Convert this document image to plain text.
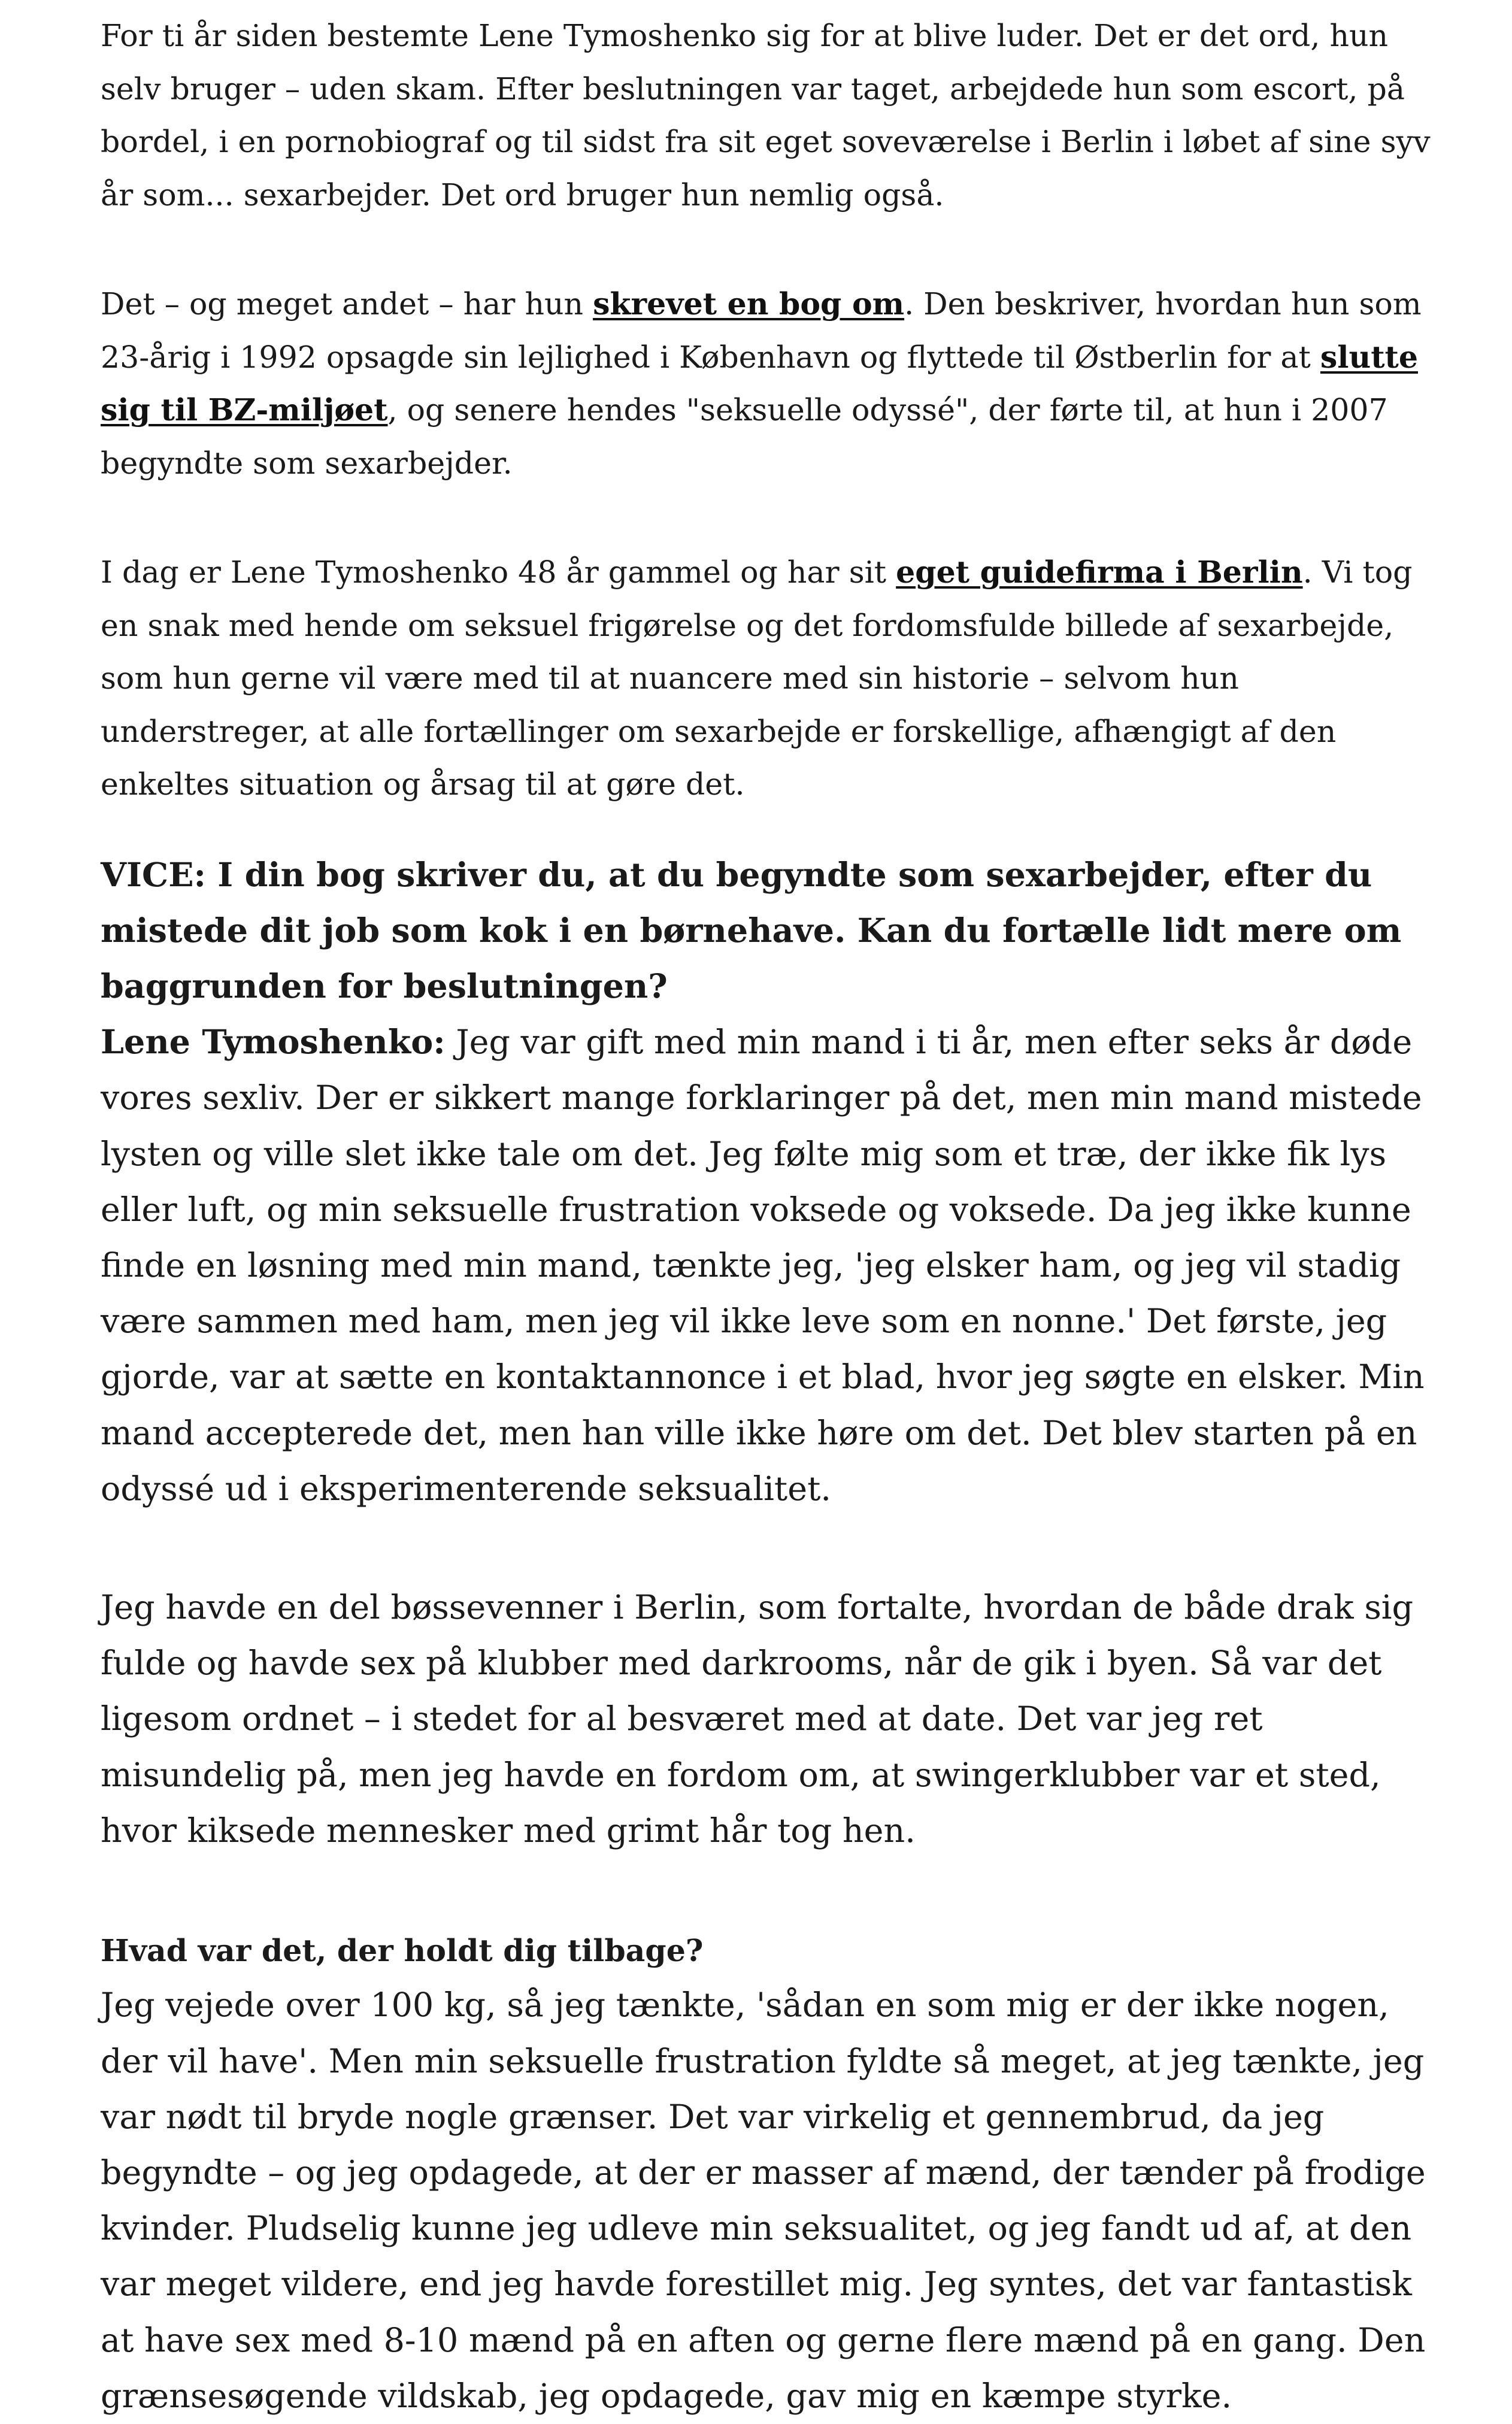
For ti år siden bestemte Lene Tymoshenko sig for at blive luder. Det er det ord, hun selv bruger – uden skam. Efter beslutningen var taget, arbejdede hun som escort, på bordel, i en pornobiograf og til sidst fra sit eget soveværelse i Berlin i løbet af sine syv år som... sexarbejder. Det ord bruger hun nemlig også.

Det – og meget andet – har hun skrevet en bog om. Den beskriver, hvordan hun som 23-årig i 1992 opsagde sin lejlighed i København og flyttede til Østberlin for at slutte sig til BZ-miljøet, og senere hendes "seksuelle odyssé", der førte til, at hun i 2007 begyndte som sexarbejder.

I dag er Lene Tymoshenko 48 år gammel og har sit eget guidefirma i Berlin. Vi tog en snak med hende om seksuel frigørelse og det fordomsfulde billede af sexarbejde, som hun gerne vil være med til at nuancere med sin historie – selvom hun understreger, at alle fortællinger om sexarbejde er forskellige, afhængigt af den enkeltes situation og årsag til at gøre det.

VICE: I din bog skriver du, at du begyndte som sexarbejder, efter du mistede dit job som kok i en børnehave. Kan du fortælle lidt mere om baggrunden for beslutningen?

Lene Tymoshenko: Jeg var gift med min mand i ti år, men efter seks år døde vores sexliv. Der er sikkert mange forklaringer på det, men min mand mistede lysten og ville slet ikke tale om det. Jeg følte mig som et træ, der ikke fik lys eller luft, og min seksuelle frustration voksede og voksede. Da jeg ikke kunne finde en løsning med min mand, tænkte jeg, 'jeg elsker ham, og jeg vil stadig være sammen med ham, men jeg vil ikke leve som en nonne.' Det første, jeg gjorde, var at sætte en kontaktannonce i et blad, hvor jeg søgte en elsker. Min mand accepterede det, men han ville ikke høre om det. Det blev starten på en odyssé ud i eksperimenterende seksualitet.

Jeg havde en del bøssevenner i Berlin, som fortalte, hvordan de både drak sig fulde og havde sex på klubber med darkrooms, når de gik i byen. Så var det ligesom ordnet – i stedet for al besværet med at date. Det var jeg ret misundelig på, men jeg havde en fordom om, at swingerklubber var et sted, hvor kiksede mennesker med grimt hår tog hen.

Hvad var det, der holdt dig tilbage?

Jeg vejede over 100 kg, så jeg tænkte, 'sådan en som mig er der ikke nogen, der vil have'. Men min seksuelle frustration fyldte så meget, at jeg tænkte, jeg var nødt til bryde nogle grænser. Det var virkelig et gennembrud, da jeg begyndte – og jeg opdagede, at der er masser af mænd, der tænder på frodige kvinder. Pludselig kunne jeg udleve min seksualitet, og jeg fandt ud af, at den var meget vildere, end jeg havde forestillet mig. Jeg syntes, det var fantastisk at have sex med 8-10 mænd på en aften og gerne flere mænd på en gang. Den grænsesøgende vildskab, jeg opdagede, gav mig en kæmpe styrke.
